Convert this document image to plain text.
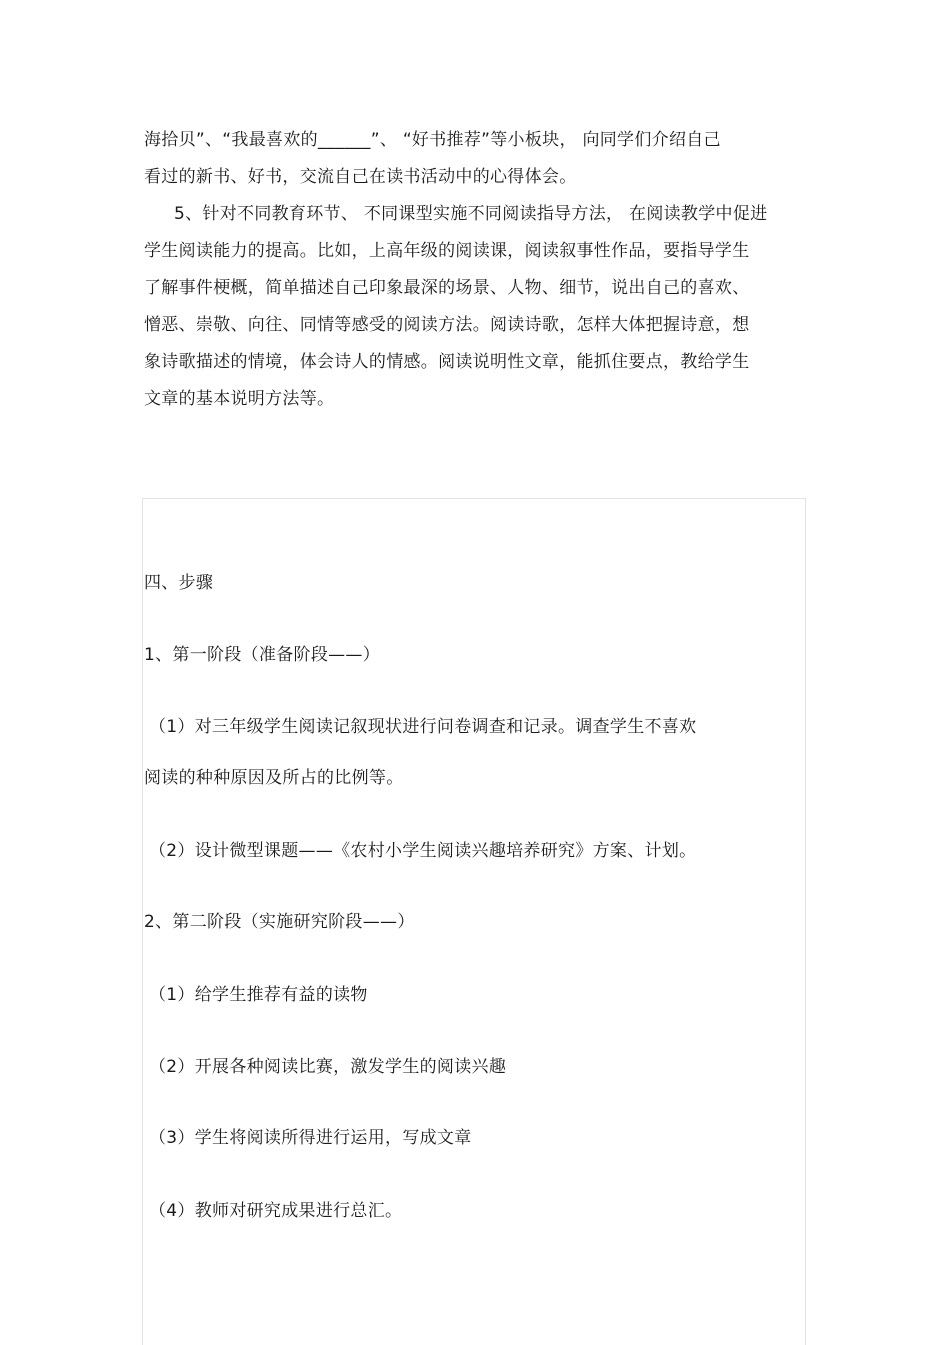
海拾贝”、“我最喜欢的______”、 “好书推荐”等小板块， 向同学们介绍自己
看过的新书、好书，交流自己在读书活动中的心得体会。
5、针对不同教育环节、 不同课型实施不同阅读指导方法， 在阅读教学中促进
学生阅读能力的提高。比如，上高年级的阅读课，阅读叙事性作品，要指导学生
了解事件梗概，简单描述自己印象最深的场景、人物、细节，说出自己的喜欢、
憎恶、崇敬、向往、同情等感受的阅读方法。阅读诗歌，怎样大体把握诗意，想
象诗歌描述的情境，体会诗人的情感。阅读说明性文章，能抓住要点，教给学生
文章的基本说明方法等。
四、步骤
1、第一阶段（准备阶段——）
（1）对三年级学生阅读记叙现状进行问卷调查和记录。调查学生不喜欢
阅读的种种原因及所占的比例等。
（2）设计微型课题——《农村小学生阅读兴趣培养研究》方案、计划。
2、第二阶段（实施研究阶段——）
（1）给学生推荐有益的读物
（2）开展各种阅读比赛，激发学生的阅读兴趣
（3）学生将阅读所得进行运用，写成文章
（4）教师对研究成果进行总汇。
